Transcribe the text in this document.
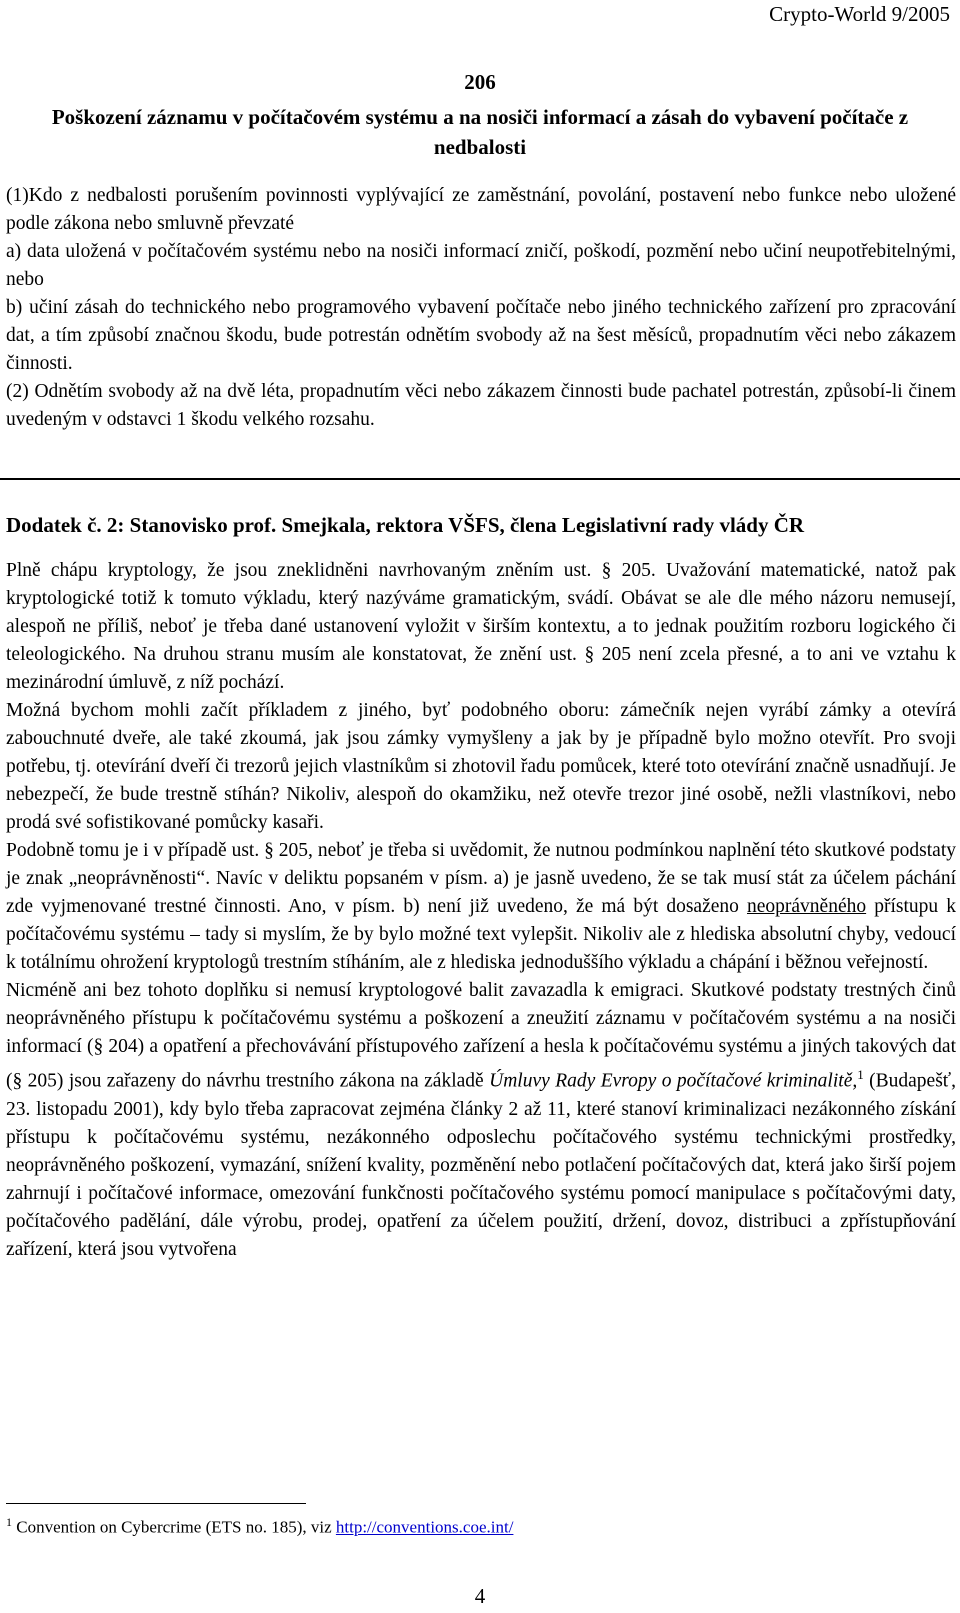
Crypto-World 9/2005
206
Poškození záznamu v počítačovém systému a na nosiči informací a zásah do vybavení počítače z nedbalosti

(1)Kdo z nedbalosti porušením povinnosti vyplývající ze zaměstnání, povolání, postavení nebo funkce nebo uložené podle zákona nebo smluvně převzaté

a) data uložená v počítačovém systému nebo na nosiči informací zničí, poškodí, pozmění nebo učiní neupotřebitelnými, nebo

b) učiní zásah do technického nebo programového vybavení počítače nebo jiného technického zařízení pro zpracování dat, a tím způsobí značnou škodu, bude potrestán odnětím svobody až na šest měsíců, propadnutím věci nebo zákazem činnosti.

(2) Odnětím svobody až na dvě léta, propadnutím věci nebo zákazem činnosti bude pachatel potrestán, způsobí-li činem uvedeným v odstavci 1 škodu velkého rozsahu.

Dodatek č. 2: Stanovisko prof. Smejkala, rektora VŠFS, člena Legislativní rady vlády ČR

Plně chápu kryptology, že jsou zneklidněni navrhovaným zněním ust. § 205. Uvažování matematické, natož pak kryptologické totiž k tomuto výkladu, který nazýváme gramatickým, svádí. Obávat se ale dle mého názoru nemusejí, alespoň ne příliš, neboť je třeba dané ustanovení vyložit v širším kontextu, a to jednak použitím rozboru logického či teleologického. Na druhou stranu musím ale konstatovat, že znění ust. § 205 není zcela přesné, a to ani ve vztahu k mezinárodní úmluvě, z níž pochází.

Možná bychom mohli začít příkladem z jiného, byť podobného oboru: zámečník nejen vyrábí zámky a otevírá zabouchnuté dveře, ale také zkoumá, jak jsou zámky vymyšleny a jak by je případně bylo možno otevřít. Pro svoji potřebu, tj. otevírání dveří či trezorů jejich vlastníkům si zhotovil řadu pomůcek, které toto otevírání značně usnadňují. Je nebezpečí, že bude trestně stíhán? Nikoliv, alespoň do okamžiku, než otevře trezor jiné osobě, nežli vlastníkovi, nebo prodá své sofistikované pomůcky kasaři.

Podobně tomu je i v případě ust. § 205, neboť je třeba si uvědomit, že nutnou podmínkou naplnění této skutkové podstaty je znak „neoprávněnosti“. Navíc v deliktu popsaném v písm. a) je jasně uvedeno, že se tak musí stát za účelem páchání zde vyjmenované trestné činnosti. Ano, v písm. b) není již uvedeno, že má být dosaženo neoprávněného přístupu k počítačovému systému – tady si myslím, že by bylo možné text vylepšit. Nikoliv ale z hlediska absolutní chyby, vedoucí k totálnímu ohrožení kryptologů trestním stíháním, ale z hlediska jednoduššího výkladu a chápání i běžnou veřejností.

Nicméně ani bez tohoto doplňku si nemusí kryptologové balit zavazadla k emigraci. Skutkové podstaty trestných činů neoprávněného přístupu k počítačovému systému a poškození a zneužití záznamu v počítačovém systému a na nosiči informací (§ 204) a opatření a přechovávání přístupového zařízení a hesla k počítačovému systému a jiných takových dat (§ 205) jsou zařazeny do návrhu trestního zákona na základě Úmluvy Rady Evropy o počítačové kriminalitě,$^1$ (Budapešť, 23. listopadu 2001), kdy bylo třeba zapracovat zejména články 2 až 11, které stanoví kriminalizaci nezákonného získání přístupu k počítačovému systému, nezákonného odposlechu počítačového systému technickými prostředky, neoprávněného poškození, vymazání, snížení kvality, pozměnění nebo potlačení počítačových dat, která jako širší pojem zahrnují i počítačové informace, omezování funkčnosti počítačového systému pomocí manipulace s počítačovými daty, počítačového padělání, dále výrobu, prodej, opatření za účelem použití, držení, dovoz, distribuci a zpřístupňování zařízení, která jsou vytvořena

$^1$ Convention on Cybercrime (ETS no. 185), viz http://conventions.coe.int/
4
